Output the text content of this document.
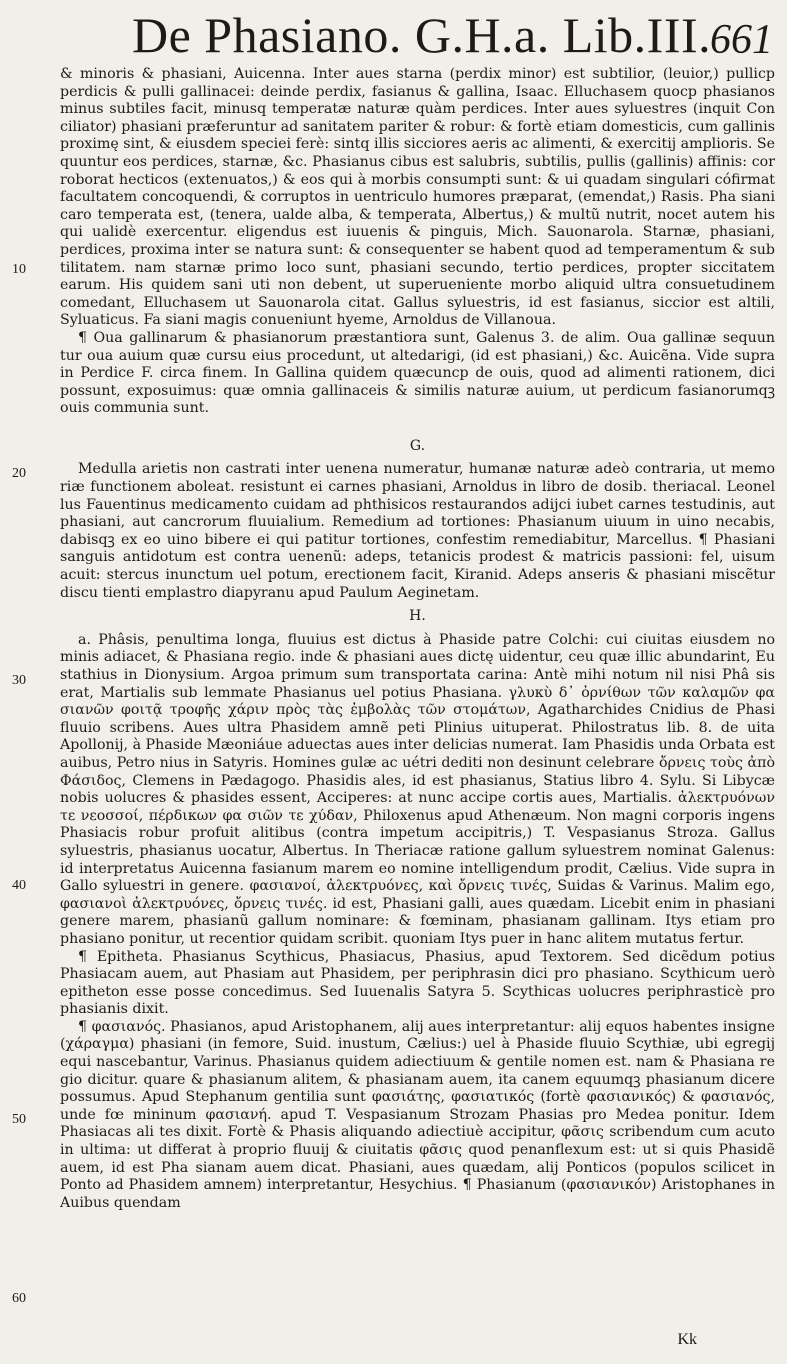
De Phasiano. G.H.a. Lib.III.
661
10
20
30
40
50
60

& minoris & phasiani, Auicenna. Inter aues starna (perdix minor) est subtilior, (leuior,) pullicp perdicis & pulli gallinacei: deinde perdix, fasianus & gallina, Isaac. Elluchasem quocp phasianos minus subtiles facit, minusq temperatæ naturæ quàm perdices. Inter aues syluestres (inquit Con ciliator) phasiani præferuntur ad sanitatem pariter & robur: & fortè etiam domesticis, cum gallinis proximę sint, & eiusdem speciei ferè: sintq illis sicciores aeris ac alimenti, & exercitij amplioris. Se quuntur eos perdices, starnæ, &c. Phasianus cibus est salubris, subtilis, pullis (gallinis) affinis: cor roborat hecticos (extenuatos,) & eos qui à morbis consumpti sunt: & ui quadam singulari cófirmat facultatem concoquendi, & corruptos in uentriculo humores præparat, (emendat,) Rasis. Pha siani caro temperata est, (tenera, ualde alba, & temperata, Albertus,) & multũ nutrit, nocet autem his qui ualidè exercentur. eligendus est iuuenis & pinguis, Mich. Sauonarola. Starnæ, phasiani, perdices, proxima inter se natura sunt: & consequenter se habent quod ad temperamentum & sub tilitatem. nam starnæ primo loco sunt, phasiani secundo, tertio perdices, propter siccitatem earum. His quidem sani uti non debent, ut superueniente morbo aliquid ultra consuetudinem comedant, Elluchasem ut Sauonarola citat. Gallus syluestris, id est fasianus, siccior est altili, Syluaticus. Fa siani magis conueniunt hyeme, Arnoldus de Villanoua.

¶ Oua gallinarum & phasianorum præstantiora sunt, Galenus 3. de alim. Oua gallinæ sequun tur oua auium quæ cursu eius procedunt, ut altedarigi, (id est phasiani,) &c. Auicẽna. Vide supra in Perdice F. circa finem. In Gallina quidem quæcuncp de ouis, quod ad alimenti rationem, dici possunt, exposuimus: quæ omnia gallinaceis & similis naturæ auium, ut perdicum fasianorumqꝫ ouis communia sunt.

G.

Medulla arietis non castrati inter uenena numeratur, humanæ naturæ adeò contraria, ut memo riæ functionem aboleat. resistunt ei carnes phasiani, Arnoldus in libro de dosib. theriacal. Leonel lus Fauentinus medicamento cuidam ad phthisicos restaurandos adijci iubet carnes testudinis, aut phasiani, aut cancrorum fluuialium. Remedium ad tortiones: Phasianum uiuum in uino necabis, dabisqꝫ ex eo uino bibere ei qui patitur tortiones, confestim remediabitur, Marcellus. ¶ Phasiani sanguis antidotum est contra uenenũ: adeps, tetanicis prodest & matricis passioni: fel, uisum acuit: stercus inunctum uel potum, erectionem facit, Kiranid. Adeps anseris & phasiani miscẽtur discu tienti emplastro diapyranu apud Paulum Aeginetam.

H.

a. Phâsis, penultima longa, fluuius est dictus à Phaside patre Colchi: cui ciuitas eiusdem no minis adiacet, & Phasiana regio. inde & phasiani aues dictę uidentur, ceu quæ illic abundarint, Eu stathius in Dionysium. Argoa primum sum transportata carina: Antè mihi notum nil nisi Phâ sis erat, Martialis sub lemmate Phasianus uel potius Phasiana. γλυκὺ δ᾽ ὀρνίθων τῶν καλαμῶν φα σιανῶν φοιτᾷ τροφῆς χάριν πρὸς τὰς ἐμβολὰς τῶν στομάτων, Agatharchides Cnidius de Phasi fluuio scribens. Aues ultra Phasidem amnẽ peti Plinius uituperat. Philostratus lib. 8. de uita Apollonij, à Phaside Mæoniáue aduectas aues inter delicias numerat. Iam Phasidis unda Orbata est auibus, Petro nius in Satyris. Homines gulæ ac uétri dediti non desinunt celebrare ὄρνεις τοὺς ἀπὸ Φάσιδος, Clemens in Pædagogo. Phasidis ales, id est phasianus, Statius libro 4. Sylu. Si Libycæ nobis uolucres & phasides essent, Acciperes: at nunc accipe cortis aues, Martialis. ἀλεκτρυόνων τε νεοσσοί, πέρδικων φα σιῶν τε χύδαν, Philoxenus apud Athenæum. Non magni corporis ingens Phasiacis robur profuit alitibus (contra impetum accipitris,) T. Vespasianus Stroza. Gallus syluestris, phasianus uocatur, Albertus. In Theriacæ ratione gallum syluestrem nominat Galenus: id interpretatus Auicenna fasianum marem eo nomine intelligendum prodit, Cælius. Vide supra in Gallo syluestri in genere. φασιανοί, ἀλεκτρυόνες, καὶ ὄρνεις τινές, Suidas & Varinus. Malim ego, φασιανοὶ ἀλεκτρυόνες, ὄρνεις τινές. id est, Phasiani galli, aues quædam. Licebit enim in phasiani genere marem, phasianũ gallum nominare: & fœminam, phasianam gallinam. Itys etiam pro phasiano ponitur, ut recentior quidam scribit. quoniam Itys puer in hanc alitem mutatus fertur.

¶ Epitheta. Phasianus Scythicus, Phasiacus, Phasius, apud Textorem. Sed dicẽdum potius Phasiacam auem, aut Phasiam aut Phasidem, per periphrasin dici pro phasiano. Scythicum uerò epitheton esse posse concedimus. Sed Iuuenalis Satyra 5. Scythicas uolucres periphrasticè pro phasianis dixit.

¶ φασιανός. Phasianos, apud Aristophanem, alij aues interpretantur: alij equos habentes insigne (χάραγμα) phasiani (in femore, Suid. inustum, Cælius:) uel à Phaside fluuio Scythiæ, ubi egregij equi nascebantur, Varinus. Phasianus quidem adiectiuum & gentile nomen est. nam & Phasiana re gio dicitur. quare & phasianum alitem, & phasianam auem, ita canem equumqꝫ phasianum dicere possumus. Apud Stephanum gentilia sunt φασιάτης, φασιατικός (fortè φασιανικός) & φασιανός, unde fœ mininum φασιανή. apud T. Vespasianum Strozam Phasias pro Medea ponitur. Idem Phasiacas ali tes dixit. Fortè & Phasis aliquando adiectiuè accipitur, φᾶσις scribendum cum acuto in ultima: ut differat à proprio fluuij & ciuitatis φᾶσις quod penanflexum est: ut si quis Phasidẽ auem, id est Pha sianam auem dicat. Phasiani, aues quædam, alij Ponticos (populos scilicet in Ponto ad Phasidem amnem) interpretantur, Hesychius. ¶ Phasianum (φασιανικόν) Aristophanes in Auibus quendam

Kk
